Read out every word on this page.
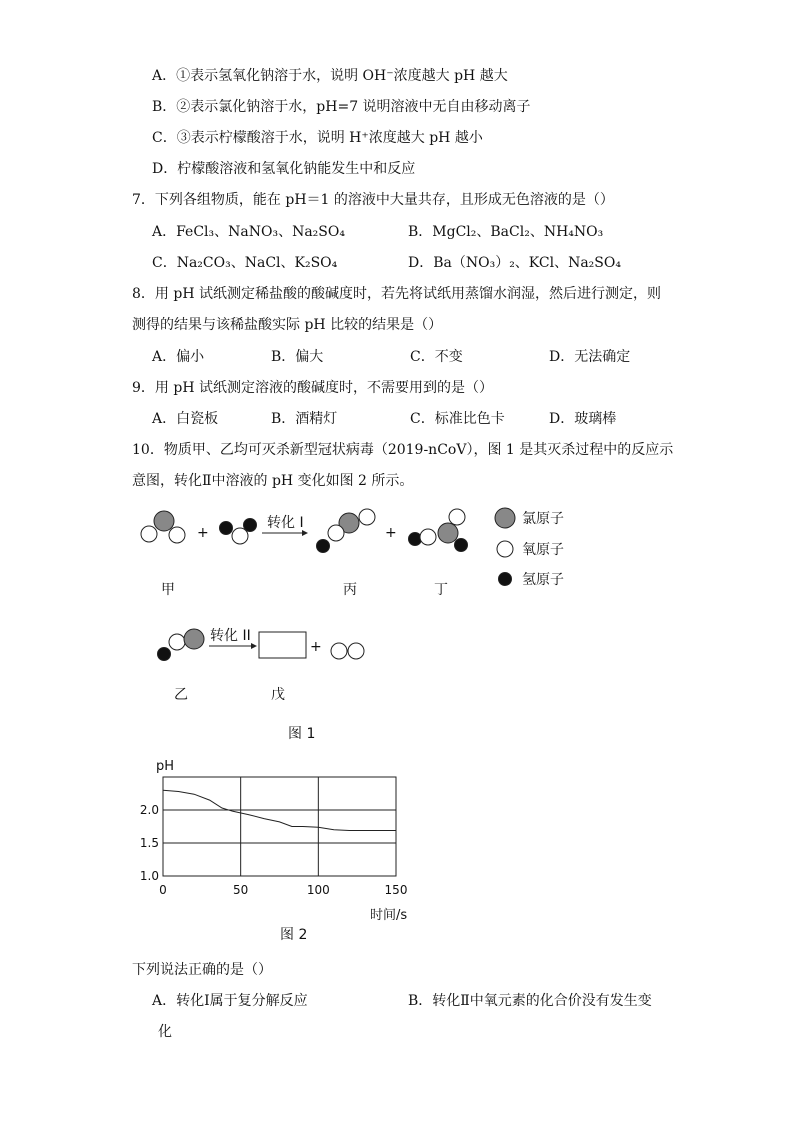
A．①表示氢氧化钠溶于水，说明 OH⁻浓度越大 pH 越大
B．②表示氯化钠溶于水，pH=7 说明溶液中无自由移动离子
C．③表示柠檬酸溶于水，说明 H⁺浓度越大 pH 越小
D．柠檬酸溶液和氢氧化钠能发生中和反应
7．下列各组物质，能在 pH＝1 的溶液中大量共存，且形成无色溶液的是（）
A．FeCl₃、NaNO₃、Na₂SO₄	B．MgCl₂、BaCl₂、NH₄NO₃
C．Na₂CO₃、NaCl、K₂SO₄	D．Ba（NO₃）₂、KCl、Na₂SO₄
8．用 pH 试纸测定稀盐酸的酸碱度时，若先将试纸用蒸馏水润湿，然后进行测定，则
测得的结果与该稀盐酸实际 pH 比较的结果是（）
A．偏小	B．偏大	C．不变	D．无法确定
9．用 pH 试纸测定溶液的酸碱度时，不需要用到的是（）
A．白瓷板	B．酒精灯	C．标准比色卡	D．玻璃棒
10．物质甲、乙均可灭杀新型冠状病毒（2019-nCoV），图 1 是其灭杀过程中的反应示
意图，转化Ⅱ中溶液的 pH 变化如图 2 所示。
+	+
+
转化 I
转化 II
甲	丙	丁
乙	戊
氯原子
氧原子
氢原子
图 1
0	50	100	150
1.0
1.5
2.0
pH
时间/s
图 2
下列说法正确的是（）
A．转化Ⅰ属于复分解反应	B．转化Ⅱ中氧元素的化合价没有发生变
化
